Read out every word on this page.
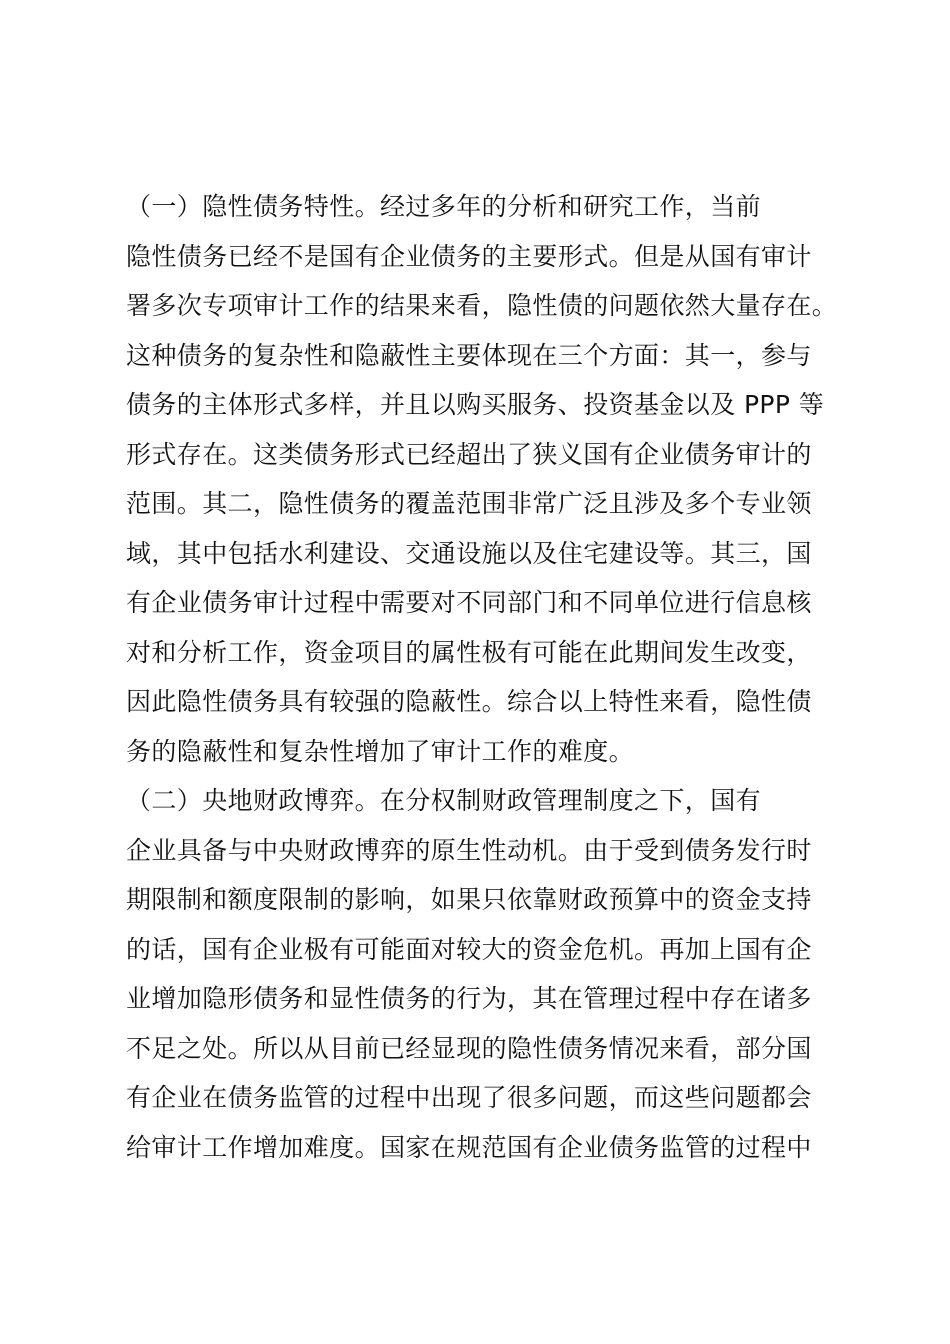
（一）隐性债务特性。经过多年的分析和研究工作，当前
隐性债务已经不是国有企业债务的主要形式。但是从国有审计
署多次专项审计工作的结果来看，隐性债的问题依然大量存在。
这种债务的复杂性和隐蔽性主要体现在三个方面：其一，参与
债务的主体形式多样，并且以购买服务、投资基金以及 PPP 等
形式存在。这类债务形式已经超出了狭义国有企业债务审计的
范围。其二，隐性债务的覆盖范围非常广泛且涉及多个专业领
域，其中包括水利建设、交通设施以及住宅建设等。其三，国
有企业债务审计过程中需要对不同部门和不同单位进行信息核
对和分析工作，资金项目的属性极有可能在此期间发生改变，
因此隐性债务具有较强的隐蔽性。综合以上特性来看，隐性债
务的隐蔽性和复杂性增加了审计工作的难度。
（二）央地财政博弈。在分权制财政管理制度之下，国有
企业具备与中央财政博弈的原生性动机。由于受到债务发行时
期限制和额度限制的影响，如果只依靠财政预算中的资金支持
的话，国有企业极有可能面对较大的资金危机。再加上国有企
业增加隐形债务和显性债务的行为，其在管理过程中存在诸多
不足之处。所以从目前已经显现的隐性债务情况来看，部分国
有企业在债务监管的过程中出现了很多问题，而这些问题都会
给审计工作增加难度。国家在规范国有企业债务监管的过程中
